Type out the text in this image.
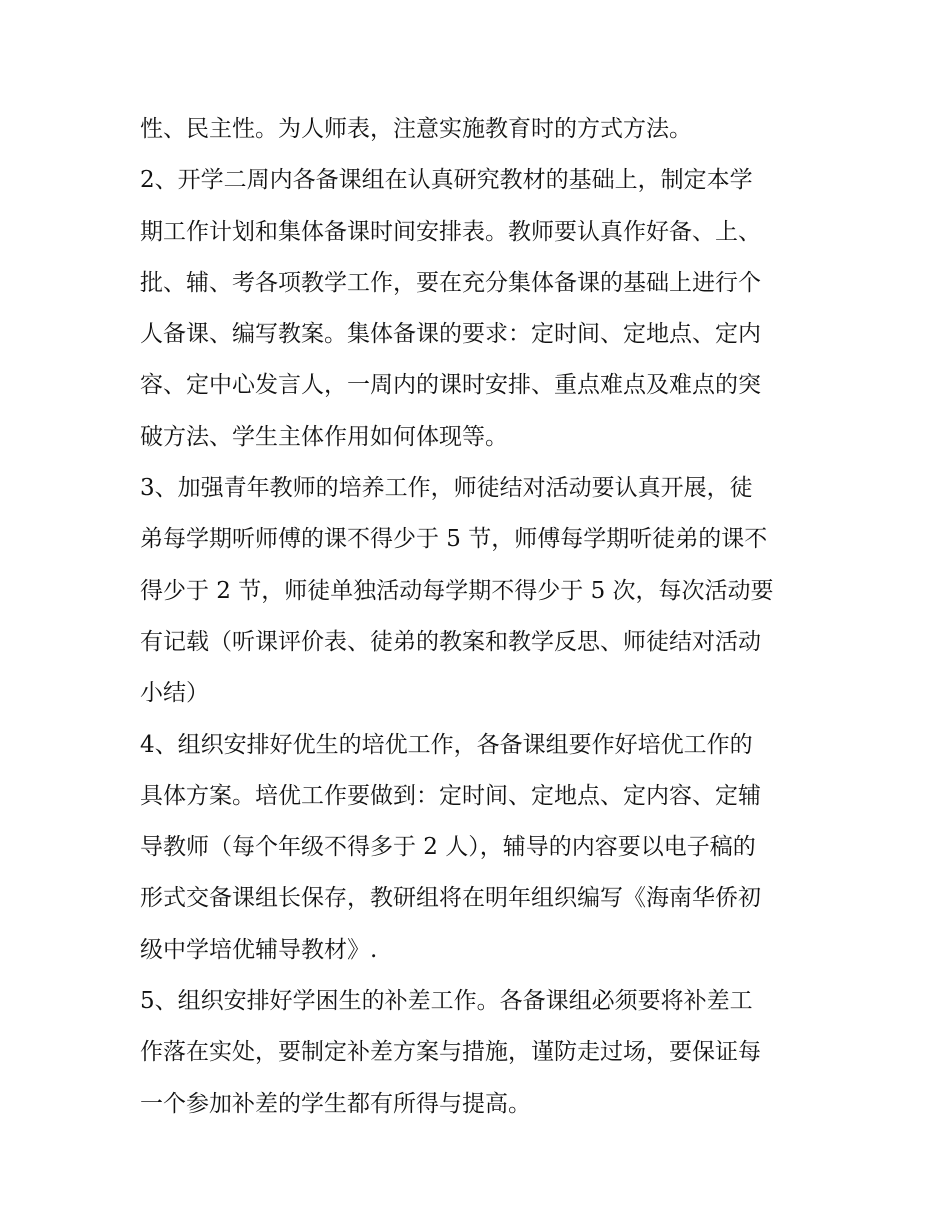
性、民主性。为人师表，注意实施教育时的方式方法。
2、开学二周内各备课组在认真研究教材的基础上，制定本学
期工作计划和集体备课时间安排表。教师要认真作好备、上、
批、辅、考各项教学工作，要在充分集体备课的基础上进行个
人备课、编写教案。集体备课的要求：定时间、定地点、定内
容、定中心发言人，一周内的课时安排、重点难点及难点的突
破方法、学生主体作用如何体现等。
3、加强青年教师的培养工作，师徒结对活动要认真开展，徒
弟每学期听师傅的课不得少于 5 节，师傅每学期听徒弟的课不
得少于 2 节，师徒单独活动每学期不得少于 5 次，每次活动要
有记载（听课评价表、徒弟的教案和教学反思、师徒结对活动
小结）
4、组织安排好优生的培优工作，各备课组要作好培优工作的
具体方案。培优工作要做到：定时间、定地点、定内容、定辅
导教师（每个年级不得多于 2 人），辅导的内容要以电子稿的
形式交备课组长保存，教研组将在明年组织编写《海南华侨初
级中学培优辅导教材》.
5、组织安排好学困生的补差工作。各备课组必须要将补差工
作落在实处，要制定补差方案与措施，谨防走过场，要保证每
一个参加补差的学生都有所得与提高。
